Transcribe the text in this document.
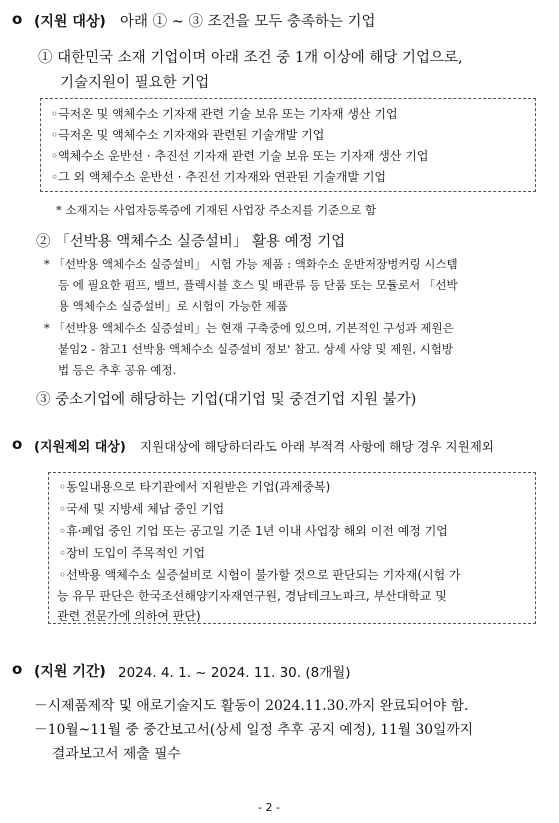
o (지원 대상) 아래 ① ~ ③ 조건을 모두 충족하는 기업
① 대한민국 소재 기업이며 아래 조건 중 1개 이상에 해당 기업으로,
기술지원이 필요한 기업
◦극저온 및 액체수소 기자재 관련 기술 보유 또는 기자재 생산 기업
◦극저온 및 액체수소 기자재와 관련된 기술개발 기업
◦액체수소 운반선 · 추진선 기자재 관련 기술 보유 또는 기자재 생산 기업
◦그 외 액체수소 운반선 · 추진선 기자재와 연관된 기술개발 기업
* 소재지는 사업자등록증에 기재된 사업장 주소지를 기준으로 함
② 「선박용 액체수소 실증설비」 활용 예정 기업
* 「선박용 액체수소 실증설비」 시험 가능 제품 : 액화수소 운반저장벙커링 시스템
등 에 필요한 펌프, 밸브, 플렉시블 호스 및 배관류 등 단품 또는 모듈로서 「선박
용 액체수소 실증설비」로 시험이 가능한 제품
* 「선박용 액체수소 실증설비」는 현재 구축중에 있으며, 기본적인 구성과 제원은
붙임2 - 참고1 선박용 액체수소 실증설비 정보' 참고. 상세 사양 및 제원, 시험방
법 등은 추후 공유 예정.
③ 중소기업에 해당하는 기업(대기업 및 중견기업 지원 불가)
o (지원제외 대상) 지원대상에 해당하더라도 아래 부적격 사항에 해당 경우 지원제외
◦동일내용으로 타기관에서 지원받은 기업(과제중복)
◦국세 및 지방세 체납 중인 기업
◦휴·폐업 중인 기업 또는 공고일 기준 1년 이내 사업장 해외 이전 예정 기업
◦장비 도입이 주목적인 기업
◦선박용 액체수소 실증설비로 시험이 불가할 것으로 판단되는 기자재(시험 가
능 유무 판단은 한국조선해양기자재연구원, 경남테크노파크, 부산대학교 및
관련 전문가에 의하여 판단)
o (지원 기간) 2024. 4. 1. ~ 2024. 11. 30. (8개월)
－시제품제작 및 애로기술지도 활동이 2024.11.30.까지 완료되어야 함.
－10월~11월 중 중간보고서(상세 일정 추후 공지 예정), 11월 30일까지
결과보고서 제출 필수
- 2 -
